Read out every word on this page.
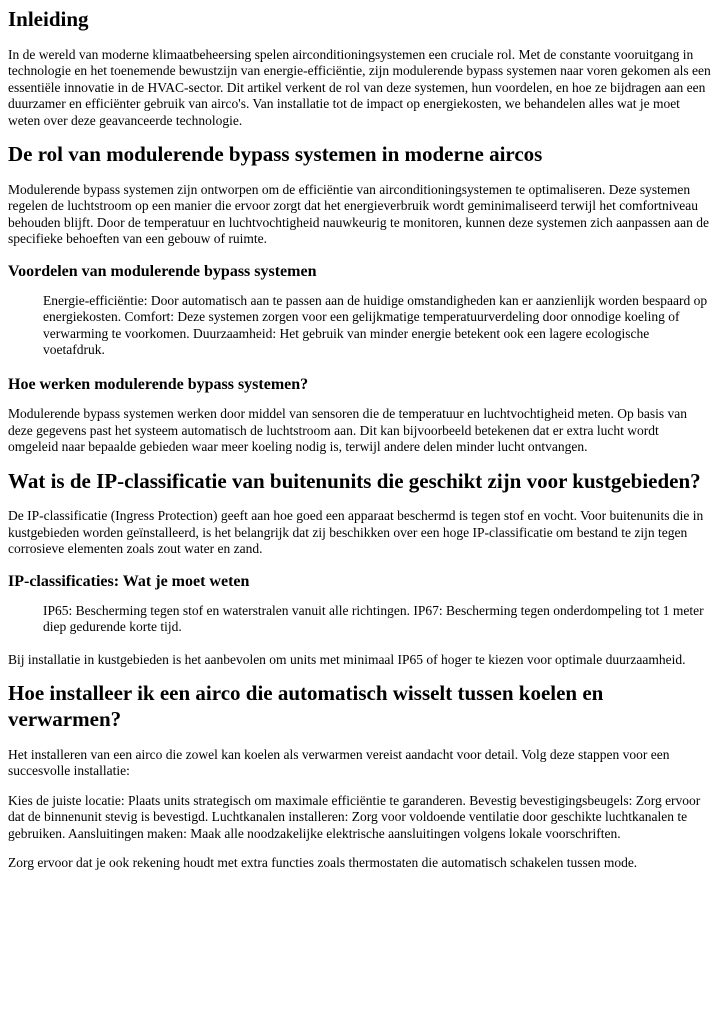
Inleiding

In de wereld van moderne klimaatbeheersing spelen airconditioningsystemen een cruciale rol. Met de constante vooruitgang in technologie en het toenemende bewustzijn van energie-efficiëntie, zijn modulerende bypass systemen naar voren gekomen als een essentiële innovatie in de HVAC-sector. Dit artikel verkent de rol van deze systemen, hun voordelen, en hoe ze bijdragen aan een duurzamer en efficiënter gebruik van airco's. Van installatie tot de impact op energiekosten, we behandelen alles wat je moet weten over deze geavanceerde technologie.

De rol van modulerende bypass systemen in moderne aircos

Modulerende bypass systemen zijn ontworpen om de efficiëntie van airconditioningsystemen te optimaliseren. Deze systemen regelen de luchtstroom op een manier die ervoor zorgt dat het energieverbruik wordt geminimaliseerd terwijl het comfortniveau behouden blijft. Door de temperatuur en luchtvochtigheid nauwkeurig te monitoren, kunnen deze systemen zich aanpassen aan de specifieke behoeften van een gebouw of ruimte.

Voordelen van modulerende bypass systemen
Energie-efficiëntie: Door automatisch aan te passen aan de huidige omstandigheden kan er aanzienlijk worden bespaard op energiekosten. Comfort: Deze systemen zorgen voor een gelijkmatige temperatuurverdeling door onnodige koeling of verwarming te voorkomen. Duurzaamheid: Het gebruik van minder energie betekent ook een lagere ecologische voetafdruk.
Hoe werken modulerende bypass systemen?

Modulerende bypass systemen werken door middel van sensoren die de temperatuur en luchtvochtigheid meten. Op basis van deze gegevens past het systeem automatisch de luchtstroom aan. Dit kan bijvoorbeeld betekenen dat er extra lucht wordt omgeleid naar bepaalde gebieden waar meer koeling nodig is, terwijl andere delen minder lucht ontvangen.

Wat is de IP-classificatie van buitenunits die geschikt zijn voor kustgebieden?

De IP-classificatie (Ingress Protection) geeft aan hoe goed een apparaat beschermd is tegen stof en vocht. Voor buitenunits die in kustgebieden worden geïnstalleerd, is het belangrijk dat zij beschikken over een hoge IP-classificatie om bestand te zijn tegen corrosieve elementen zoals zout water en zand.

IP-classificaties: Wat je moet weten
IP65: Bescherming tegen stof en waterstralen vanuit alle richtingen. IP67: Bescherming tegen onderdompeling tot 1 meter diep gedurende korte tijd.

Bij installatie in kustgebieden is het aanbevolen om units met minimaal IP65 of hoger te kiezen voor optimale duurzaamheid.

Hoe installeer ik een airco die automatisch wisselt tussen koelen en verwarmen?

Het installeren van een airco die zowel kan koelen als verwarmen vereist aandacht voor detail. Volg deze stappen voor een succesvolle installatie:

Kies de juiste locatie: Plaats units strategisch om maximale efficiëntie te garanderen. Bevestig bevestigingsbeugels: Zorg ervoor dat de binnenunit stevig is bevestigd. Luchtkanalen installeren: Zorg voor voldoende ventilatie door geschikte luchtkanalen te gebruiken. Aansluitingen maken: Maak alle noodzakelijke elektrische aansluitingen volgens lokale voorschriften.

Zorg ervoor dat je ook rekening houdt met extra functies zoals thermostaten die automatisch schakelen tussen mode.
